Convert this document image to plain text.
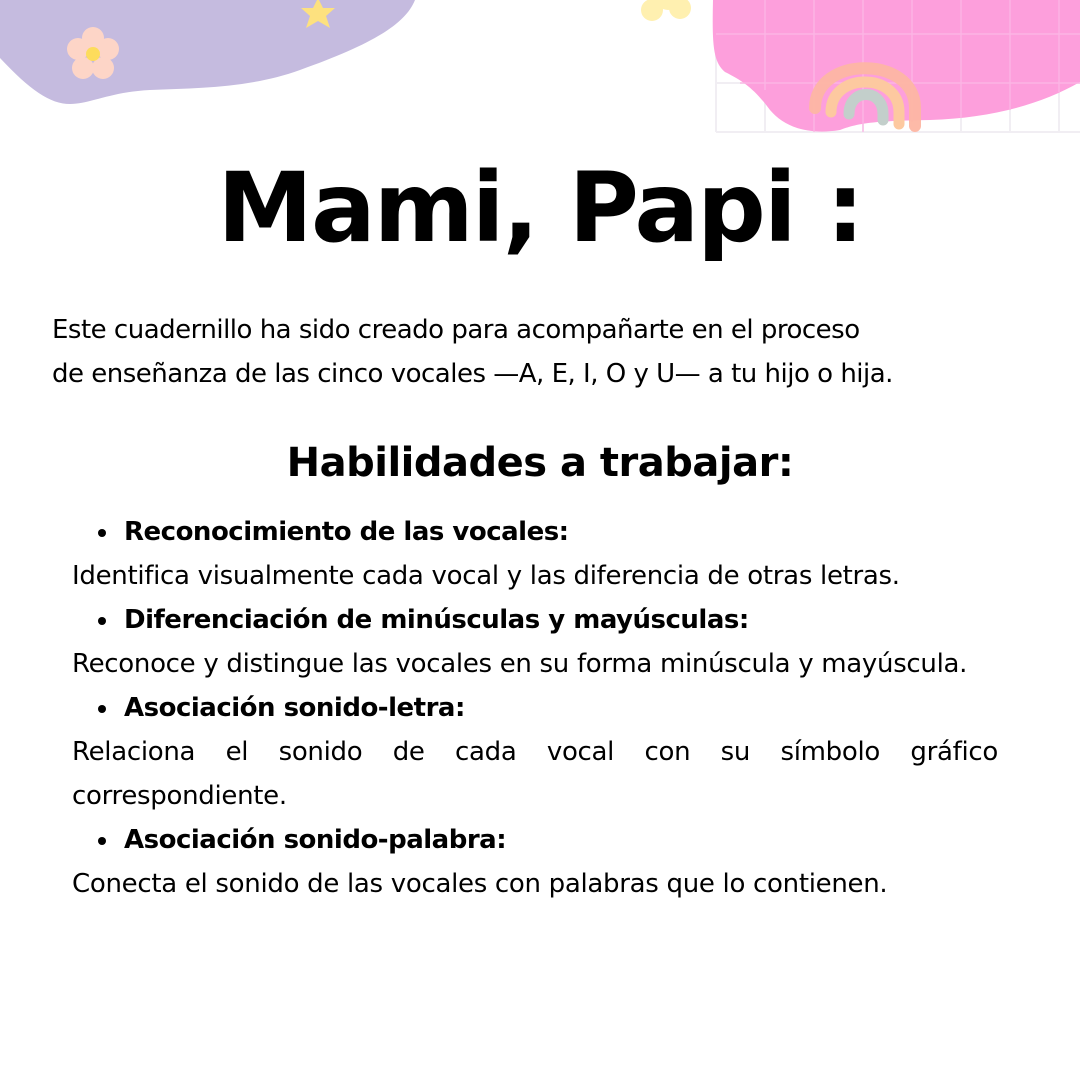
Mami, Papi :
Este cuadernillo ha sido creado para acompañarte en el proceso
de enseñanza de las cinco vocales —A, E, I, O y U— a tu hijo o hija.
Habilidades a trabajar:
Reconocimiento de las vocales:
Identifica visualmente cada vocal y las diferencia de otras letras.
Diferenciación de minúsculas y mayúsculas:
Reconoce y distingue las vocales en su forma minúscula y mayúscula.
Asociación sonido-letra:
Relaciona el sonido de cada vocal con su símbolo gráfico correspondiente.
Asociación sonido-palabra:
Conecta el sonido de las vocales con palabras que lo contienen.
